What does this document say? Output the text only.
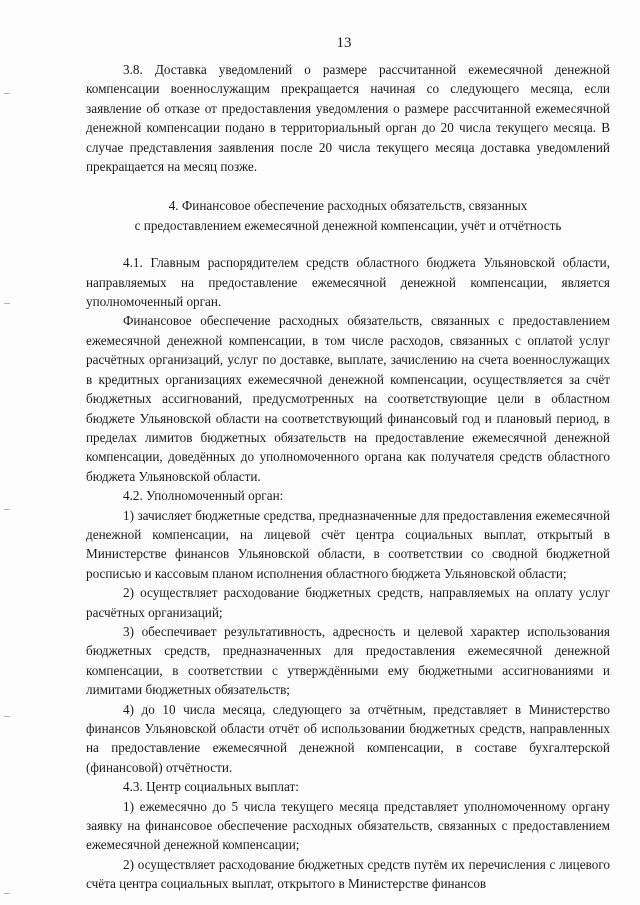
13

3.8. Доставка уведомлений о размере рассчитанной ежемесячной денежной компенсации военнослужащим прекращается начиная со следующего месяца, если заявление об отказе от предоставления уведомления о размере рассчитанной ежемесячной денежной компенсации подано в территориальный орган до 20 числа текущего месяца. В случае представления заявления после 20 числа текущего месяца доставка уведомлений прекращается на месяц позже.

4. Финансовое обеспечение расходных обязательств, связанных
с предоставлением ежемесячной денежной компенсации, учёт и отчётность

4.1. Главным распорядителем средств областного бюджета Ульяновской области, направляемых на предоставление ежемесячной денежной компенсации, является уполномоченный орган.

Финансовое обеспечение расходных обязательств, связанных с предоставлением ежемесячной денежной компенсации, в том числе расходов, связанных с оплатой услуг расчётных организаций, услуг по доставке, выплате, зачислению на счета военнослужащих в кредитных организациях ежемесячной денежной компенсации, осуществляется за счёт бюджетных ассигнований, предусмотренных на соответствующие цели в областном бюджете Ульяновской области на соответствующий финансовый год и плановый период, в пределах лимитов бюджетных обязательств на предоставление ежемесячной денежной компенсации, доведённых до уполномоченного органа как получателя средств областного бюджета Ульяновской области.

4.2. Уполномоченный орган:

1) зачисляет бюджетные средства, предназначенные для предоставления ежемесячной денежной компенсации, на лицевой счёт центра социальных выплат, открытый в Министерстве финансов Ульяновской области, в соответствии со сводной бюджетной росписью и кассовым планом исполнения областного бюджета Ульяновской области;

2) осуществляет расходование бюджетных средств, направляемых на оплату услуг расчётных организаций;

3) обеспечивает результативность, адресность и целевой характер использования бюджетных средств, предназначенных для предоставления ежемесячной денежной компенсации, в соответствии с утверждёнными ему бюджетными ассигнованиями и лимитами бюджетных обязательств;

4) до 10 числа месяца, следующего за отчётным, представляет в Министерство финансов Ульяновской области отчёт об использовании бюджетных средств, направленных на предоставление ежемесячной денежной компенсации, в составе бухгалтерской (финансовой) отчётности.

4.3. Центр социальных выплат:

1) ежемесячно до 5 числа текущего месяца представляет уполномоченному органу заявку на финансовое обеспечение расходных обязательств, связанных с предоставлением ежемесячной денежной компенсации;

2) осуществляет расходование бюджетных средств путём их перечисления с лицевого счёта центра социальных выплат, открытого в Министерстве финансов
